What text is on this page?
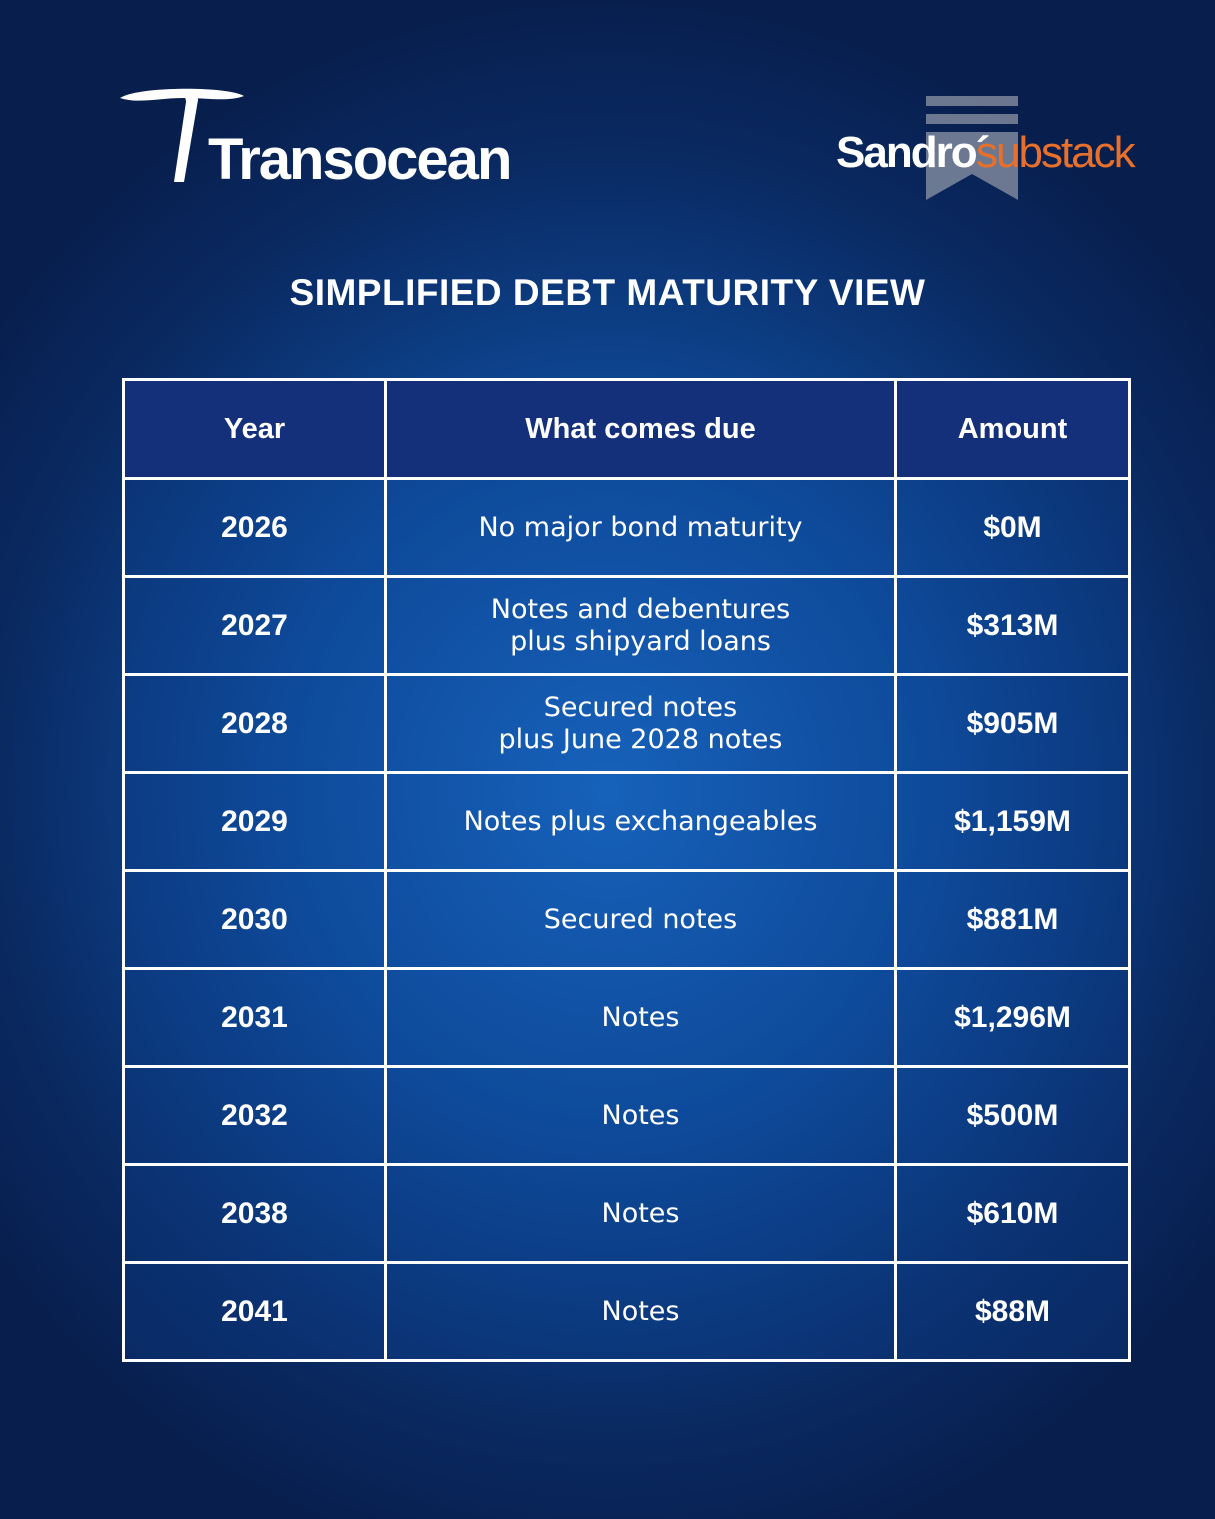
Transocean	Sandro´
substack
SIMPLIFIED DEBT MATURITY VIEW
Year	What comes due	Amount
2026	No major bond maturity	$0M
2027	Notes and debentures
plus shipyard loans	$313M
2028	Secured notes
plus June 2028 notes	$905M
2029	Notes plus exchangeables	$1,159M
2030	Secured notes	$881M
2031	Notes	$1,296M
2032	Notes	$500M
2038	Notes	$610M
2041	Notes	$88M
